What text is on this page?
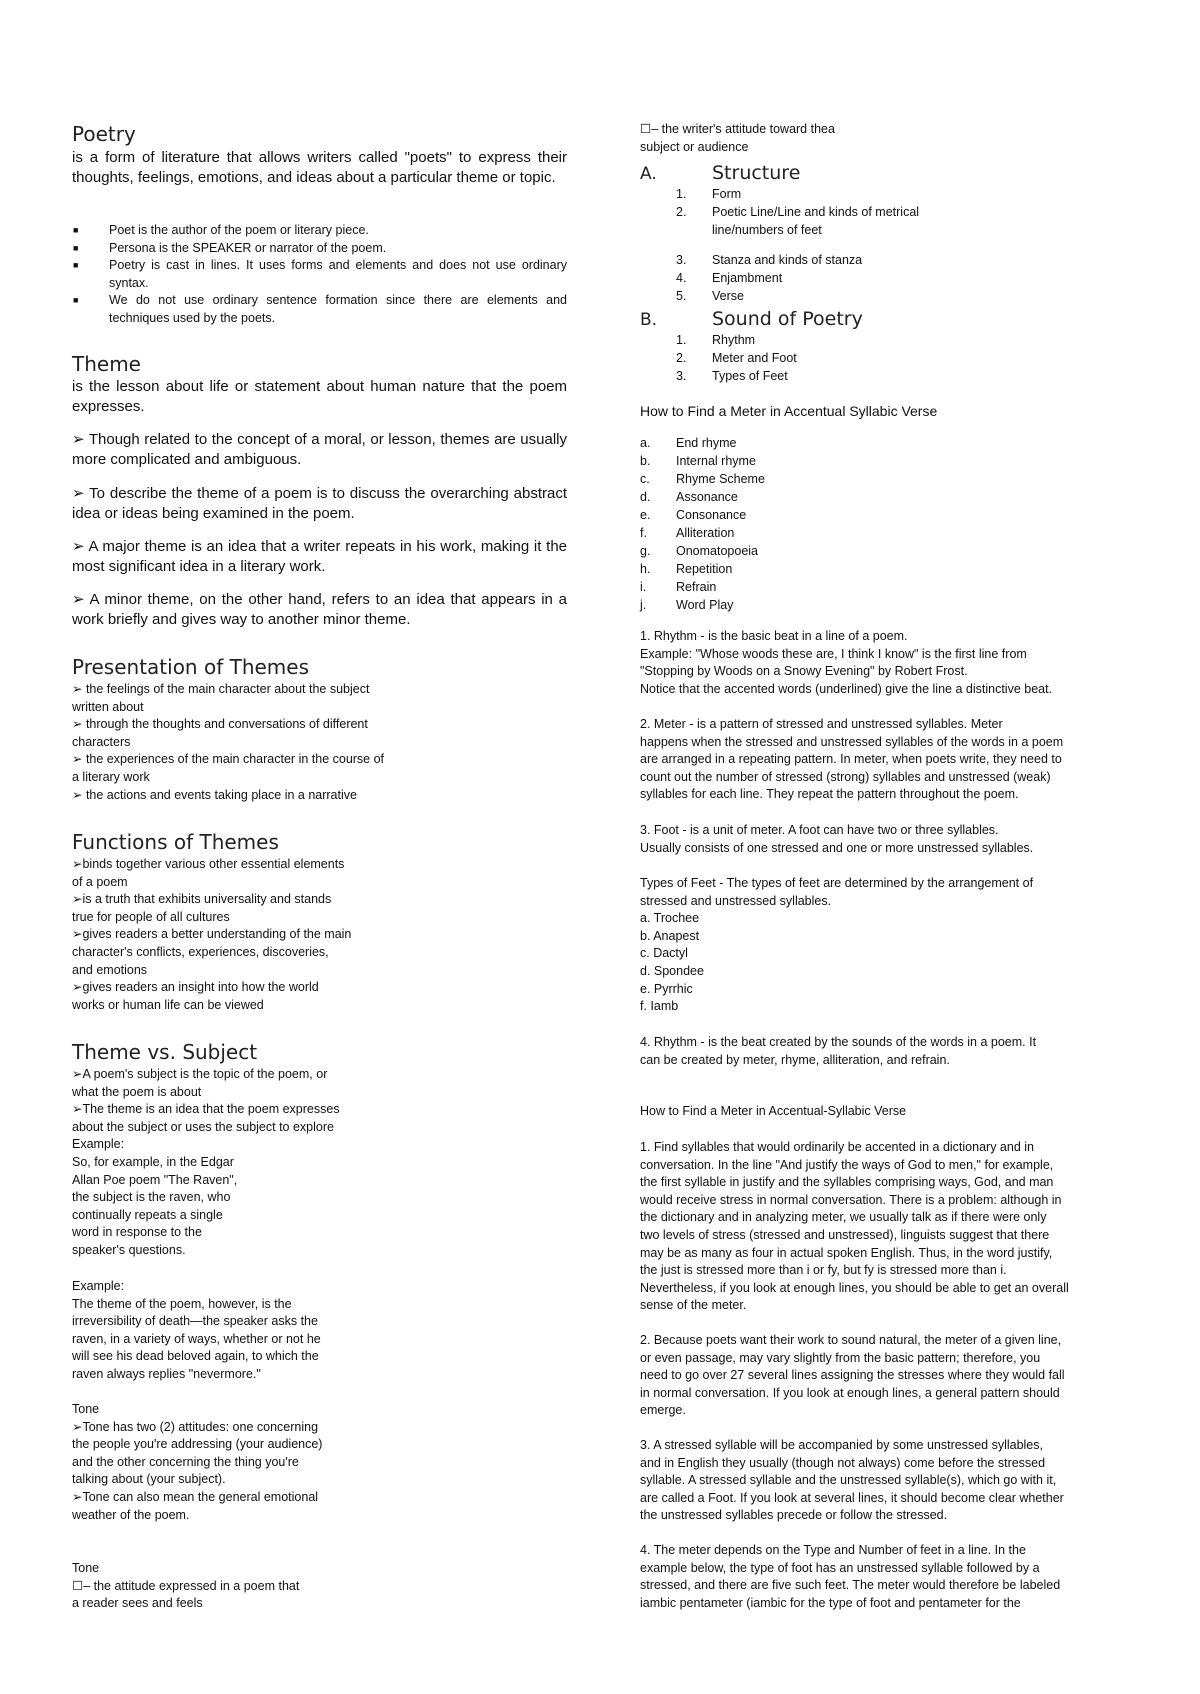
Poetry
is a form of literature that allows writers called "poets" to express their thoughts, feelings, emotions, and ideas about a particular theme or topic.
■ Poet is the author of the poem or literary piece.
■ Persona is the SPEAKER or narrator of the poem.
■ Poetry is cast in lines. It uses forms and elements and does not use ordinary syntax.
■ We do not use ordinary sentence formation since there are elements and techniques used by the poets.
Theme
is the lesson about life or statement about human nature that the poem expresses.
➢ Though related to the concept of a moral, or lesson, themes are usually more complicated and ambiguous.
➢ To describe the theme of a poem is to discuss the overarching abstract idea or ideas being examined in the poem.
➢ A major theme is an idea that a writer repeats in his work, making it the most significant idea in a literary work.
➢ A minor theme, on the other hand, refers to an idea that appears in a work briefly and gives way to another minor theme.
Presentation of Themes
➢ the feelings of the main character about the subject
written about
➢ through the thoughts and conversations of different
characters
➢ the experiences of the main character in the course of
a literary work
➢ the actions and events taking place in a narrative
Functions of Themes
➢binds together various other essential elements
of a poem
➢is a truth that exhibits universality and stands
true for people of all cultures
➢gives readers a better understanding of the main
character's conflicts, experiences, discoveries,
and emotions
➢gives readers an insight into how the world
works or human life can be viewed
Theme vs. Subject
➢A poem's subject is the topic of the poem, or
what the poem is about
➢The theme is an idea that the poem expresses
about the subject or uses the subject to explore
Example:
So, for example, in the Edgar
Allan Poe poem "The Raven",
the subject is the raven, who
continually repeats a single
word in response to the
speaker's questions.
Example:
The theme of the poem, however, is the
irreversibility of death—the speaker asks the
raven, in a variety of ways, whether or not he
will see his dead beloved again, to which the
raven always replies "nevermore."
Tone
➢Tone has two (2) attitudes: one concerning
the people you're addressing (your audience)
and the other concerning the thing you're
talking about (your subject).
➢Tone can also mean the general emotional
weather of the poem.
Tone
☐– the attitude expressed in a poem that
a reader sees and feels
☐– the writer's attitude toward thea
subject or audience
A.	Structure
1. Form
2. Poetic Line/Line and kinds of metrical line/numbers of feet
3. Stanza and kinds of stanza
4. Enjambment
5. Verse
B.	Sound of Poetry
1. Rhythm
2. Meter and Foot
3. Types of Feet
How to Find a Meter in Accentual Syllabic Verse
a. End rhyme
b. Internal rhyme
c. Rhyme Scheme
d. Assonance
e. Consonance
f. Alliteration
g. Onomatopoeia
h. Repetition
i. Refrain
j. Word Play
1. Rhythm - is the basic beat in a line of a poem.
Example: "Whose woods these are, I think I know" is the first line from
"Stopping by Woods on a Snowy Evening" by Robert Frost.
Notice that the accented words (underlined) give the line a distinctive beat.
2. Meter - is a pattern of stressed and unstressed syllables. Meter
happens when the stressed and unstressed syllables of the words in a poem
are arranged in a repeating pattern. In meter, when poets write, they need to
count out the number of stressed (strong) syllables and unstressed (weak)
syllables for each line. They repeat the pattern throughout the poem.
3. Foot - is a unit of meter. A foot can have two or three syllables.
Usually consists of one stressed and one or more unstressed syllables.
Types of Feet - The types of feet are determined by the arrangement of
stressed and unstressed syllables.
a. Trochee
b. Anapest
c. Dactyl
d. Spondee
e. Pyrrhic
f. Iamb
4. Rhythm - is the beat created by the sounds of the words in a poem. It
can be created by meter, rhyme, alliteration, and refrain.
How to Find a Meter in Accentual-Syllabic Verse
1. Find syllables that would ordinarily be accented in a dictionary and in
conversation. In the line "And justify the ways of God to men," for example,
the first syllable in justify and the syllables comprising ways, God, and man
would receive stress in normal conversation. There is a problem: although in
the dictionary and in analyzing meter, we usually talk as if there were only
two levels of stress (stressed and unstressed), linguists suggest that there
may be as many as four in actual spoken English. Thus, in the word justify,
the just is stressed more than i or fy, but fy is stressed more than i.
Nevertheless, if you look at enough lines, you should be able to get an overall
sense of the meter.
2. Because poets want their work to sound natural, the meter of a given line,
or even passage, may vary slightly from the basic pattern; therefore, you
need to go over 27 several lines assigning the stresses where they would fall
in normal conversation. If you look at enough lines, a general pattern should
emerge.
3. A stressed syllable will be accompanied by some unstressed syllables,
and in English they usually (though not always) come before the stressed
syllable. A stressed syllable and the unstressed syllable(s), which go with it,
are called a Foot. If you look at several lines, it should become clear whether
the unstressed syllables precede or follow the stressed.
4. The meter depends on the Type and Number of feet in a line. In the
example below, the type of foot has an unstressed syllable followed by a
stressed, and there are five such feet. The meter would therefore be labeled
iambic pentameter (iambic for the type of foot and pentameter for the
